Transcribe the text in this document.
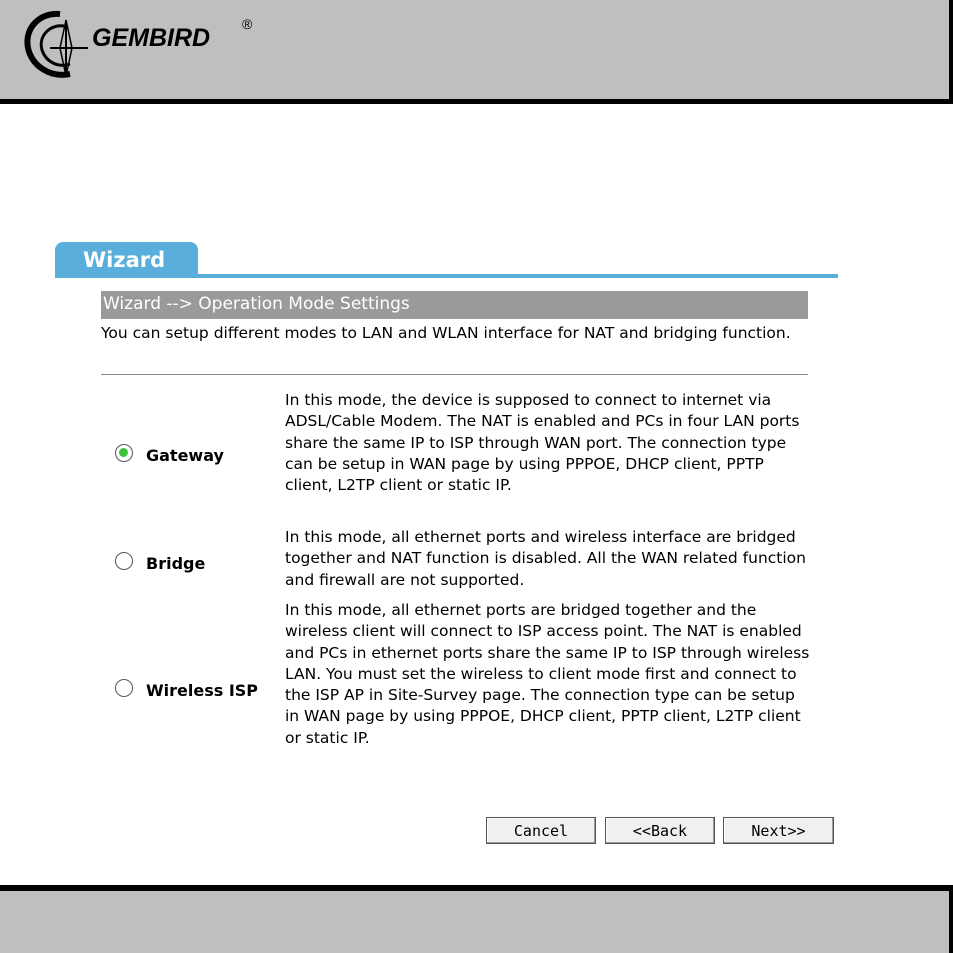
GEMBIRD ®
Wizard
Wizard --> Operation Mode Settings
You can setup different modes to LAN and WLAN interface for NAT and bridging function.
Gateway
In this mode, the device is supposed to connect to internet via ADSL/Cable Modem. The NAT is enabled and PCs in four LAN ports share the same IP to ISP through WAN port. The connection type can be setup in WAN page by using PPPOE, DHCP client, PPTP client, L2TP client or static IP.
Bridge
In this mode, all ethernet ports and wireless interface are bridged together and NAT function is disabled. All the WAN related function and firewall are not supported.
Wireless ISP
In this mode, all ethernet ports are bridged together and the wireless client will connect to ISP access point. The NAT is enabled and PCs in ethernet ports share the same IP to ISP through wireless LAN. You must set the wireless to client mode first and connect to the ISP AP in Site-Survey page. The connection type can be setup in WAN page by using PPPOE, DHCP client, PPTP client, L2TP client or static IP.
Cancel	<<Back	Next>>
